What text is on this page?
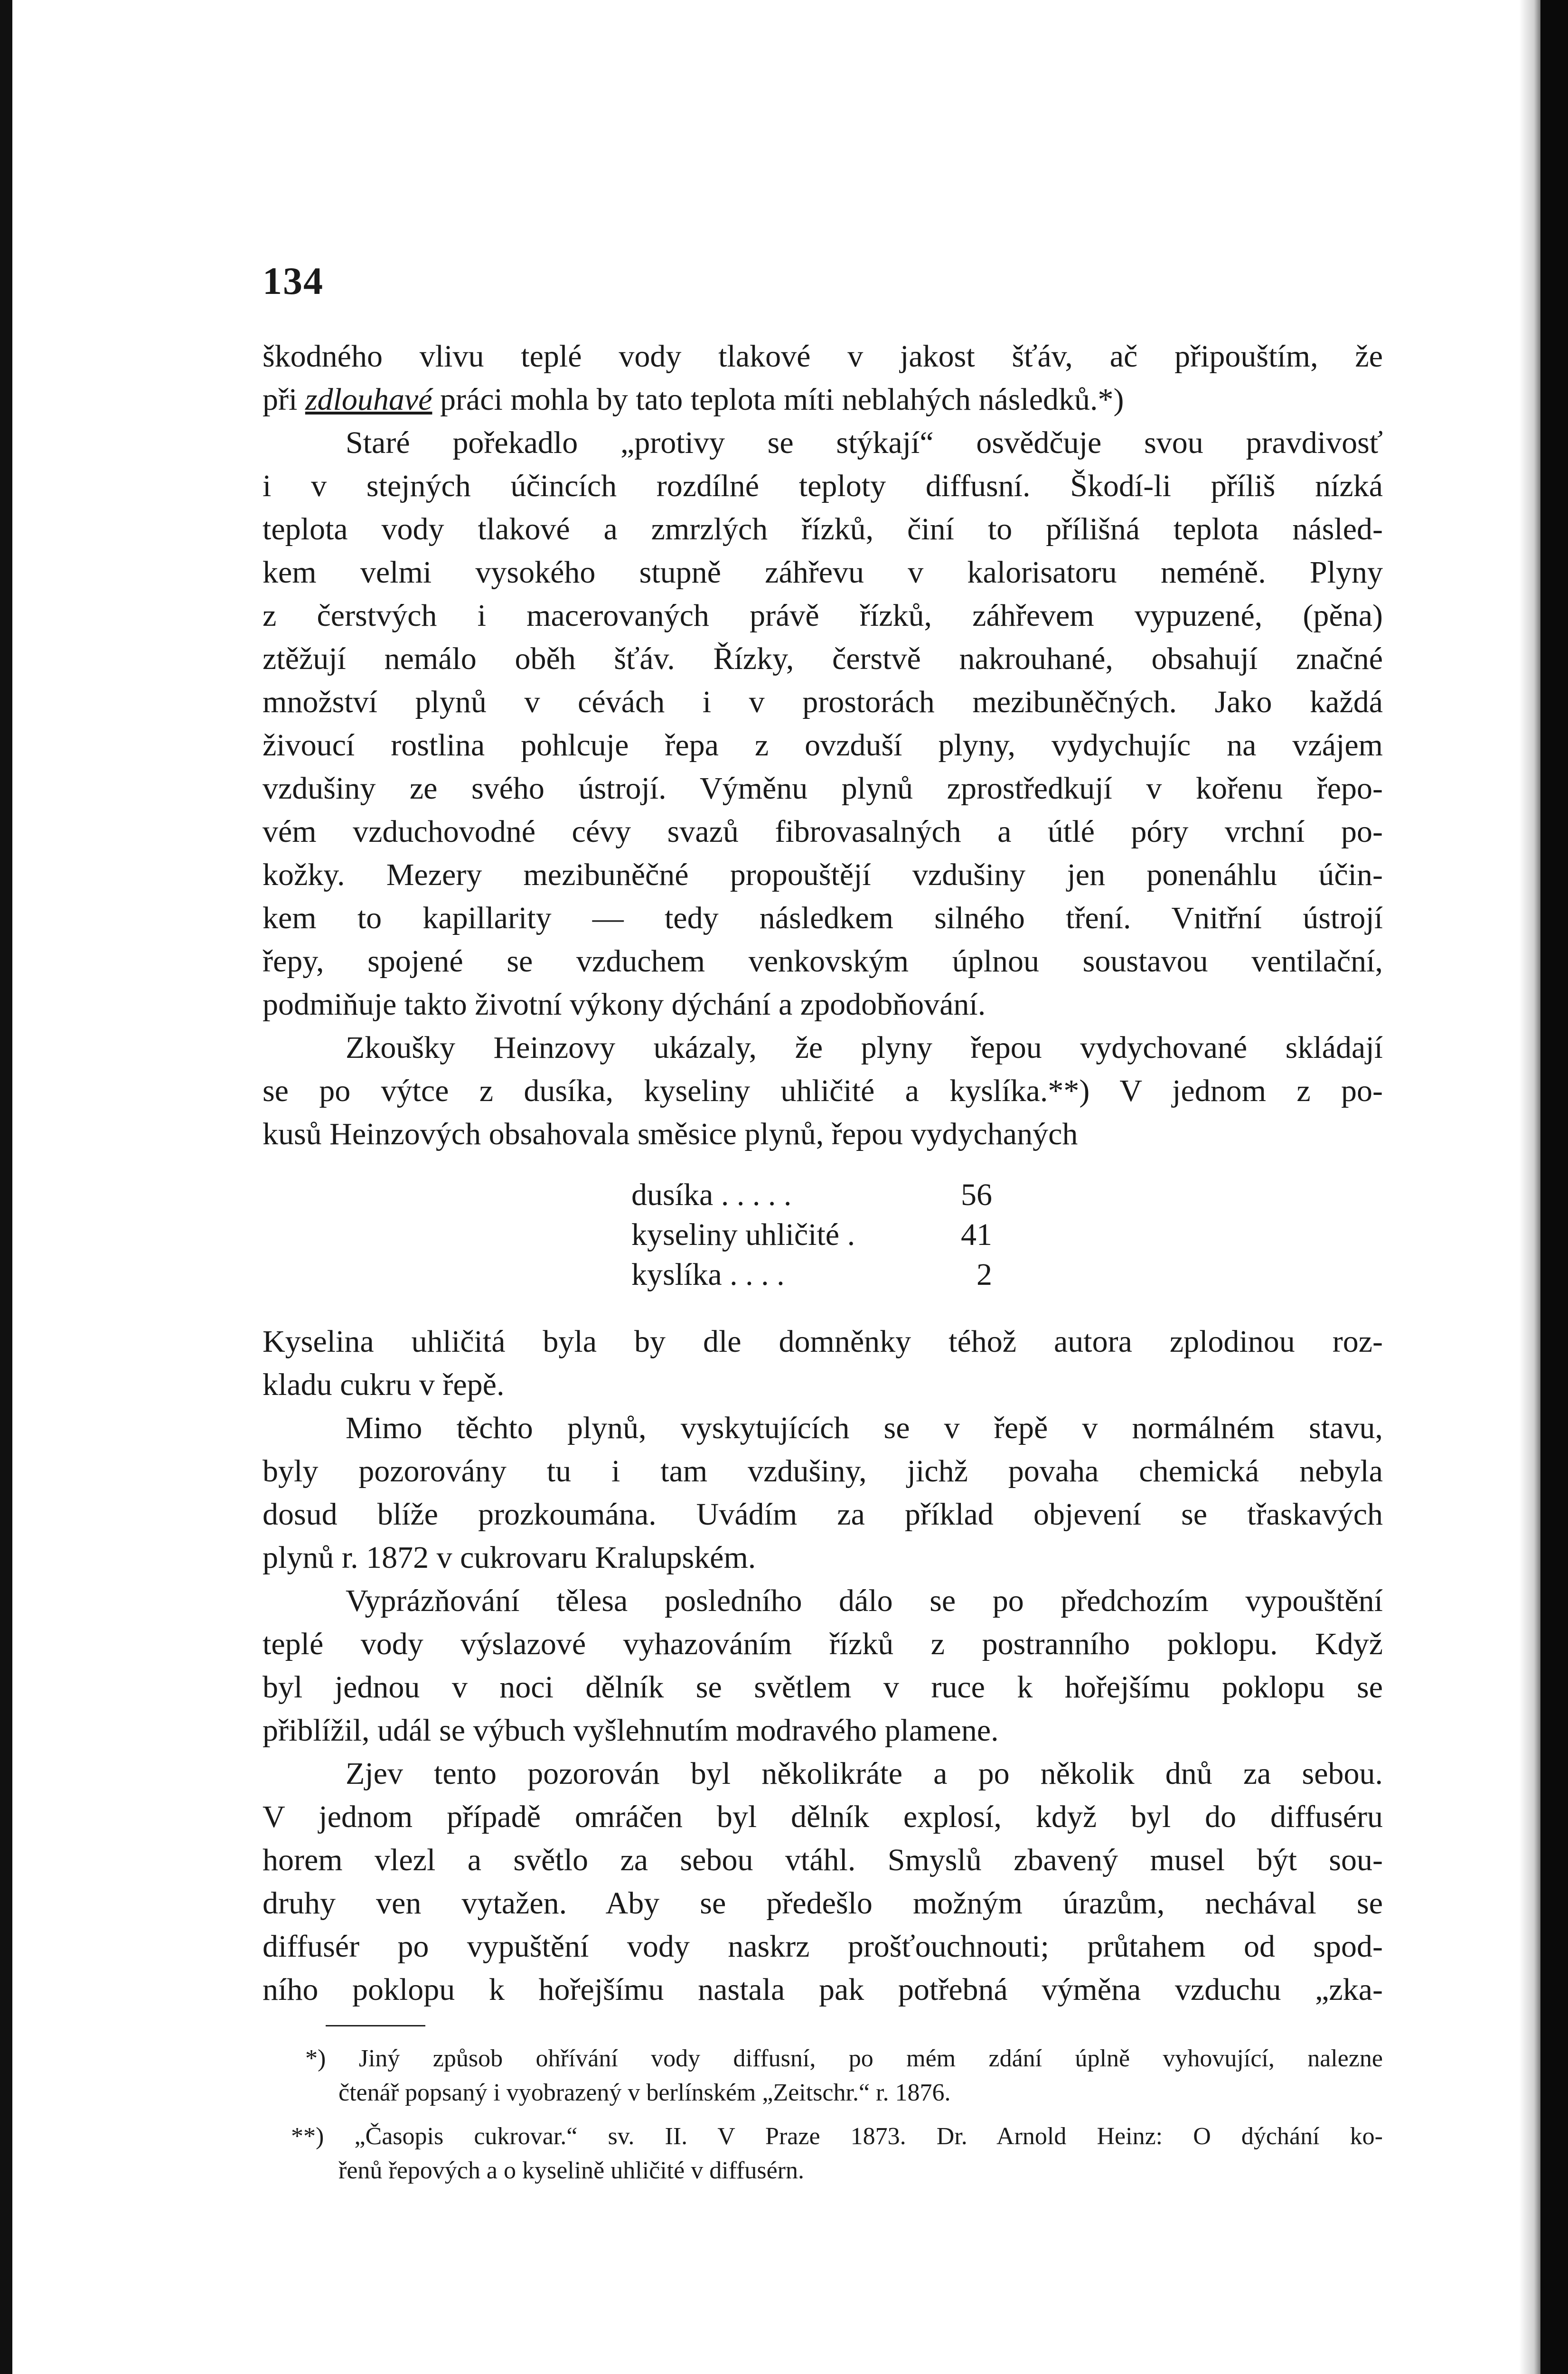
134
škodného vlivu teplé vody tlakové v jakost šťáv, ač připouštím, že
při zdlouhavé práci mohla by tato teplota míti neblahých následků.*)
Staré pořekadlo „protivy se stýkají“ osvědčuje svou pravdivosť
i v stejných účincích rozdílné teploty diffusní. Škodí-li příliš nízká
teplota vody tlakové a zmrzlých řízků, činí to přílišná teplota násled-
kem velmi vysokého stupně záhřevu v kalorisatoru neméně. Plyny
z čerstvých i macerovaných právě řízků, záhřevem vypuzené, (pěna)
ztěžují nemálo oběh šťáv. Řízky, čerstvě nakrouhané, obsahují značné
množství plynů v cévách i v prostorách mezibuněčných. Jako každá
živoucí rostlina pohlcuje řepa z ovzduší plyny, vydychujíc na vzájem
vzdušiny ze svého ústrojí. Výměnu plynů zprostředkují v kořenu řepo-
vém vzduchovodné cévy svazů fibrovasalných a útlé póry vrchní po-
kožky. Mezery mezibuněčné propouštějí vzdušiny jen ponenáhlu účin-
kem to kapillarity — tedy následkem silného tření. Vnitřní ústrojí
řepy, spojené se vzduchem venkovským úplnou soustavou ventilační,
podmiňuje takto životní výkony dýchání a zpodobňování.
Zkoušky Heinzovy ukázaly, že plyny řepou vydychované skládají
se po výtce z dusíka, kyseliny uhličité a kyslíka.**) V jednom z po-
kusů Heinzových obsahovala směsice plynů, řepou vydychaných
dusíka . . . . .	56
kyseliny uhličité .	41
kyslíka . . . .	2
Kyselina uhličitá byla by dle domněnky téhož autora zplodinou roz-
kladu cukru v řepě.
Mimo těchto plynů, vyskytujících se v řepě v normálném stavu,
byly pozorovány tu i tam vzdušiny, jichž povaha chemická nebyla
dosud blíže prozkoumána. Uvádím za příklad objevení se třaskavých
plynů r. 1872 v cukrovaru Kralupském.
Vyprázňování tělesa posledního dálo se po předchozím vypouštění
teplé vody výslazové vyhazováním řízků z postranního poklopu. Když
byl jednou v noci dělník se světlem v ruce k hořejšímu poklopu se
přiblížil, udál se výbuch vyšlehnutím modravého plamene.
Zjev tento pozorován byl několikráte a po několik dnů za sebou.
V jednom případě omráčen byl dělník explosí, když byl do diffuséru
horem vlezl a světlo za sebou vtáhl. Smyslů zbavený musel být sou-
druhy ven vytažen. Aby se předešlo možným úrazům, nechával se
diffusér po vypuštění vody naskrz prošťouchnouti; průtahem od spod-
ního poklopu k hořejšímu nastala pak potřebná výměna vzduchu „zka-
*) Jiný způsob ohřívání vody diffusní, po mém zdání úplně vyhovující, nalezne
čtenář popsaný i vyobrazený v berlínském „Zeitschr.“ r. 1876.
**) „Časopis cukrovar.“ sv. II. V Praze 1873. Dr. Arnold Heinz: O dýchání ko-
řenů řepových a o kyselině uhličité v diffusérn.
